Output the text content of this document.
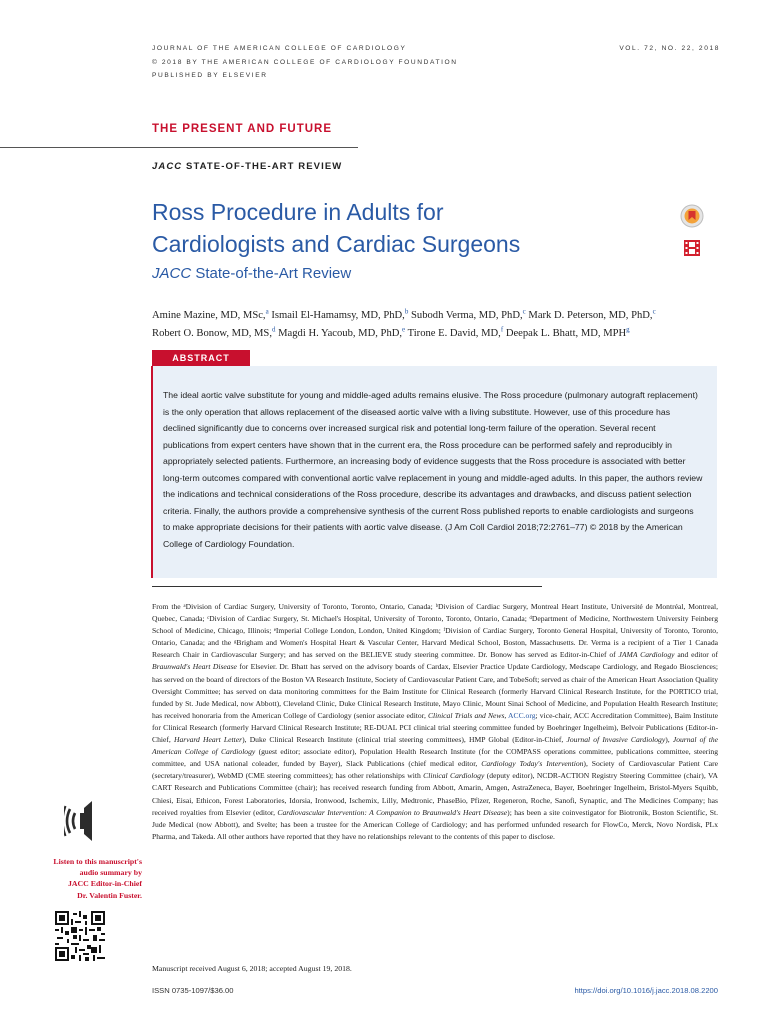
JOURNAL OF THE AMERICAN COLLEGE OF CARDIOLOGY
© 2018 BY THE AMERICAN COLLEGE OF CARDIOLOGY FOUNDATION
PUBLISHED BY ELSEVIER
VOL. 72, NO. 22, 2018
THE PRESENT AND FUTURE
JACC STATE-OF-THE-ART REVIEW
Ross Procedure in Adults for
Cardiologists and Cardiac Surgeons
JACC State-of-the-Art Review
Amine Mazine, MD, MSc,$^a$ Ismail El-Hamamsy, MD, PhD,$^b$ Subodh Verma, MD, PhD,$^c$ Mark D. Peterson, MD, PhD,$^c$
Robert O. Bonow, MD, MS,$^d$ Magdi H. Yacoub, MD, PhD,$^e$ Tirone E. David, MD,$^f$ Deepak L. Bhatt, MD, MPH$^g$
ABSTRACT
The ideal aortic valve substitute for young and middle-aged adults remains elusive. The Ross procedure (pulmonary autograft replacement) is the only operation that allows replacement of the diseased aortic valve with a living substitute. However, use of this procedure has declined significantly due to concerns over increased surgical risk and potential long-term failure of the operation. Several recent publications from expert centers have shown that in the current era, the Ross procedure can be performed safely and reproducibly in appropriately selected patients. Furthermore, an increasing body of evidence suggests that the Ross procedure is associated with better long-term outcomes compared with conventional aortic valve replacement in young and middle-aged adults. In this paper, the authors review the indications and technical considerations of the Ross procedure, describe its advantages and drawbacks, and discuss patient selection criteria. Finally, the authors provide a comprehensive synthesis of the current Ross published reports to enable cardiologists and surgeons to make appropriate decisions for their patients with aortic valve disease. (J Am Coll Cardiol 2018;72:2761–77) © 2018 by the American College of Cardiology Foundation.
From the ᵃDivision of Cardiac Surgery, University of Toronto, Toronto, Ontario, Canada; ᵇDivision of Cardiac Surgery, Montreal Heart Institute, Université de Montréal, Montreal, Quebec, Canada; ᶜDivision of Cardiac Surgery, St. Michael's Hospital, University of Toronto, Toronto, Ontario, Canada; ᵈDepartment of Medicine, Northwestern University Feinberg School of Medicine, Chicago, Illinois; ᵉImperial College London, London, United Kingdom; ᶠDivision of Cardiac Surgery, Toronto General Hospital, University of Toronto, Toronto, Ontario, Canada; and the ᵍBrigham and Women's Hospital Heart & Vascular Center, Harvard Medical School, Boston, Massachusetts. Dr. Verma is a recipient of a Tier 1 Canada Research Chair in Cardiovascular Surgery; and has served on the BELIEVE study steering committee. Dr. Bonow has served as Editor-in-Chief of JAMA Cardiology and editor of Braunwald's Heart Disease for Elsevier. Dr. Bhatt has served on the advisory boards of Cardax, Elsevier Practice Update Cardiology, Medscape Cardiology, and Regado Biosciences; has served on the board of directors of the Boston VA Research Institute, Society of Cardiovascular Patient Care, and TobeSoft; served as chair of the American Heart Association Quality Oversight Committee; has served on data monitoring committees for the Baim Institute for Clinical Research (formerly Harvard Clinical Research Institute, for the PORTICO trial, funded by St. Jude Medical, now Abbott), Cleveland Clinic, Duke Clinical Research Institute, Mayo Clinic, Mount Sinai School of Medicine, and Population Health Research Institute; has received honoraria from the American College of Cardiology (senior associate editor, Clinical Trials and News, ACC.org; vice-chair, ACC Accreditation Committee), Baim Institute for Clinical Research (formerly Harvard Clinical Research Institute; RE-DUAL PCI clinical trial steering committee funded by Boehringer Ingelheim), Belvoir Publications (Editor-in-Chief, Harvard Heart Letter), Duke Clinical Research Institute (clinical trial steering committees), HMP Global (Editor-in-Chief, Journal of Invasive Cardiology), Journal of the American College of Cardiology (guest editor; associate editor), Population Health Research Institute (for the COMPASS operations committee, publications committee, steering committee, and USA national coleader, funded by Bayer), Slack Publications (chief medical editor, Cardiology Today's Intervention), Society of Cardiovascular Patient Care (secretary/treasurer), WebMD (CME steering committees); has other relationships with Clinical Cardiology (deputy editor), NCDR-ACTION Registry Steering Committee (chair), VA CART Research and Publications Committee (chair); has received research funding from Abbott, Amarin, Amgen, AstraZeneca, Bayer, Boehringer Ingelheim, Bristol-Myers Squibb, Chiesi, Eisai, Ethicon, Forest Laboratories, Idorsia, Ironwood, Ischemix, Lilly, Medtronic, PhaseBio, Pfizer, Regeneron, Roche, Sanofi, Synaptic, and The Medicines Company; has received royalties from Elsevier (editor, Cardiovascular Intervention: A Companion to Braunwald's Heart Disease); has been a site coinvestigator for Biotronik, Boston Scientific, St. Jude Medical (now Abbott), and Svelte; has been a trustee for the American College of Cardiology; and has performed unfunded research for FlowCo, Merck, Novo Nordisk, PLx Pharma, and Takeda. All other authors have reported that they have no relationships relevant to the contents of this paper to disclose.
Manuscript received August 6, 2018; accepted August 19, 2018.
ISSN 0735-1097/$36.00	https://doi.org/10.1016/j.jacc.2018.08.2200
Listen to this manuscript's
audio summary by
JACC Editor-in-Chief
Dr. Valentin Fuster.
